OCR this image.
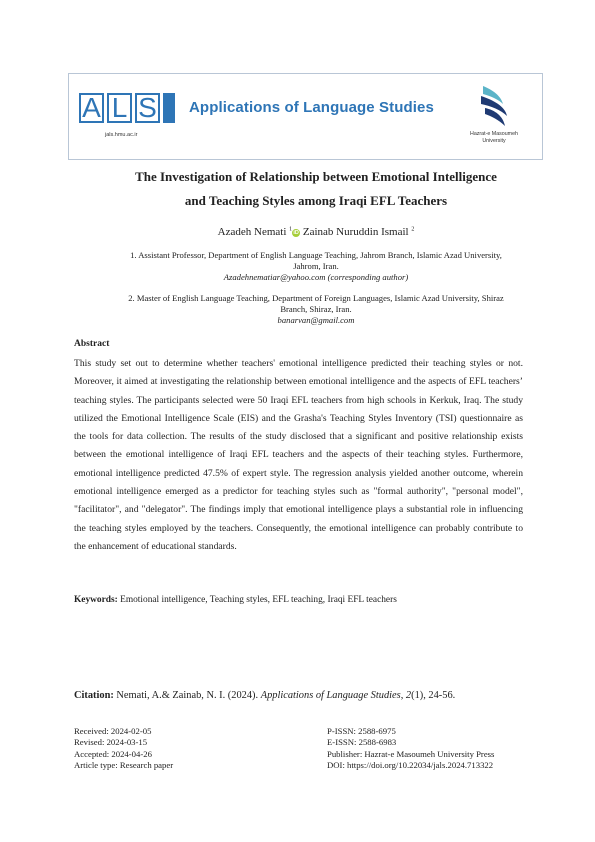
A L S Applications of Language Studies
jals.hmu.ac.ir	Hazrat-e Masoumeh
University
The Investigation of Relationship between Emotional Intelligence
and Teaching Styles among Iraqi EFL Teachers
Azadeh Nemati $^1$iD Zainab Nuruddin Ismail $^2$
1. Assistant Professor, Department of English Language Teaching, Jahrom Branch, Islamic Azad University,
Jahrom, Iran.
Azadehnematiar@yahoo.com (corresponding author)
2. Master of English Language Teaching, Department of Foreign Languages, Islamic Azad University, Shiraz
Branch, Shiraz, Iran.
banarvan@gmail.com
Abstract
This study set out to determine whether teachers' emotional intelligence predicted their teaching styles or not. Moreover, it aimed at investigating the relationship between emotional intelligence and the aspects of EFL teachers’ teaching styles. The participants selected were 50 Iraqi EFL teachers from high schools in Kerkuk, Iraq. The study utilized the Emotional Intelligence Scale (EIS) and the Grasha's Teaching Styles Inventory (TSI) questionnaire as the tools for data collection. The results of the study disclosed that a significant and positive relationship exists between the emotional intelligence of Iraqi EFL teachers and the aspects of their teaching styles. Furthermore, emotional intelligence predicted 47.5% of expert style. The regression analysis yielded another outcome, wherein emotional intelligence emerged as a predictor for teaching styles such as "formal authority", "personal model", "facilitator", and "delegator". The findings imply that emotional intelligence plays a substantial role in influencing the teaching styles employed by the teachers. Consequently, the emotional intelligence can probably contribute to the enhancement of educational standards.
Keywords: Emotional intelligence, Teaching styles, EFL teaching, Iraqi EFL teachers
Citation: Nemati, A.& Zainab, N. I. (2024). Applications of Language Studies, 2(1), 24-56.
Received: 2024-02-05
Revised: 2024-03-15
Accepted: 2024-04-26
Article type: Research paper
P-ISSN: 2588-6975
E-ISSN: 2588-6983
Publisher: Hazrat-e Masoumeh University Press
DOI: https://doi.org/10.22034/jals.2024.713322
